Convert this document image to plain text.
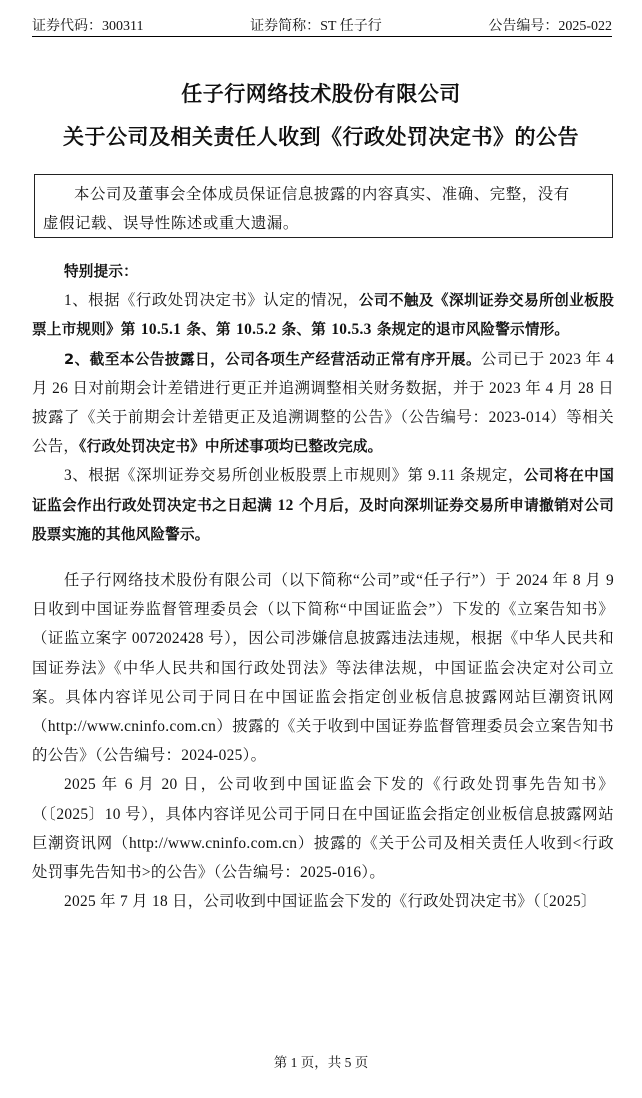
证券代码：300311	证券简称：ST 任子行	公告编号：2025-022
任子行网络技术股份有限公司
关于公司及相关责任人收到《行政处罚决定书》的公告
本公司及董事会全体成员保证信息披露的内容真实、准确、完整，没有
虚假记载、误导性陈述或重大遗漏。

特别提示：

1、根据《行政处罚决定书》认定的情况，公司不触及《深圳证券交易所创业板股票上市规则》第 10.5.1 条、第 10.5.2 条、第 10.5.3 条规定的退市风险警示情形。

2、截至本公告披露日，公司各项生产经营活动正常有序开展。公司已于 2023 年 4 月 26 日对前期会计差错进行更正并追溯调整相关财务数据，并于 2023 年 4 月 28 日披露了《关于前期会计差错更正及追溯调整的公告》（公告编号：2023-014）等相关公告，《行政处罚决定书》中所述事项均已整改完成。

3、根据《深圳证券交易所创业板股票上市规则》第 9.11 条规定，公司将在中国证监会作出行政处罚决定书之日起满 12 个月后，及时向深圳证券交易所申请撤销对公司股票实施的其他风险警示。

任子行网络技术股份有限公司（以下简称“公司”或“任子行”）于 2024 年 8 月 9 日收到中国证券监督管理委员会（以下简称“中国证监会”）下发的《立案告知书》（证监立案字 007202428 号），因公司涉嫌信息披露违法违规，根据《中华人民共和国证券法》《中华人民共和国行政处罚法》等法律法规，中国证监会决定对公司立案。具体内容详见公司于同日在中国证监会指定创业板信息披露网站巨潮资讯网（http://www.cninfo.com.cn）披露的《关于收到中国证券监督管理委员会立案告知书的公告》（公告编号：2024-025）。

2025 年 6 月 20 日，公司收到中国证监会下发的《行政处罚事先告知书》（〔2025〕10 号），具体内容详见公司于同日在中国证监会指定创业板信息披露网站巨潮资讯网（http://www.cninfo.com.cn）披露的《关于公司及相关责任人收到<行政处罚事先告知书>的公告》（公告编号：2025-016）。

2025 年 7 月 18 日，公司收到中国证监会下发的《行政处罚决定书》（〔2025〕

第 1 页，共 5 页
